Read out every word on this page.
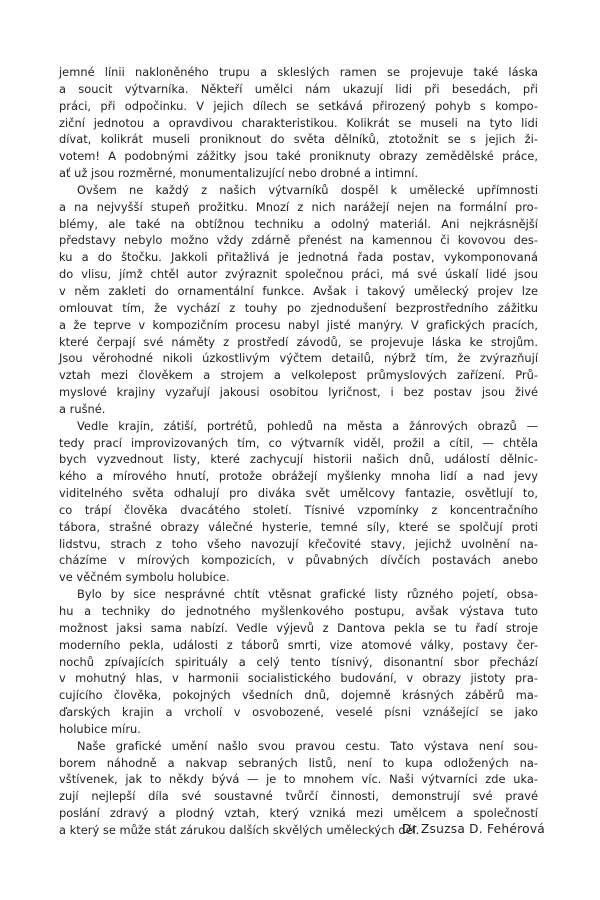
jemné línii nakloněného trupu a skleslých ramen se projevuje také láska
a soucit výtvarníka. Někteří umělci nám ukazují lidi při besedách, při
práci, při odpočinku. V jejich dílech se setkává přirozený pohyb s kompo-
ziční jednotou a opravdivou charakteristikou. Kolikrát se museli na tyto lidi
dívat, kolikrát museli proniknout do světa dělníků, ztotožnit se s jejich ži-
votem! A podobnými zážitky jsou také proniknuty obrazy zemědělské práce,
ať už jsou rozměrné, monumentalizující nebo drobné a intimní.
Ovšem ne každý z našich výtvarníků dospěl k umělecké upřímnosti
a na nejvyšší stupeň prožitku. Mnozí z nich narážejí nejen na formální pro-
blémy, ale také na obtížnou techniku a odolný materiál. Ani nejkrásnější
představy nebylo možno vždy zdárně přenést na kamennou či kovovou des-
ku a do štočku. Jakkoli přitažlivá je jednotná řada postav, vykomponovaná
do vlisu, jímž chtěl autor zvýraznit společnou práci, má své úskalí lidé jsou
v něm zakleti do ornamentální funkce. Avšak i takový umělecký projev lze
omlouvat tím, že vychází z touhy po zjednodušení bezprostředního zážitku
a že teprve v kompozičním procesu nabyl jisté manýry. V grafických pracích,
které čerpají své náměty z prostředí závodů, se projevuje láska ke strojům.
Jsou věrohodné nikoli úzkostlivým výčtem detailů, nýbrž tím, že zvýrazňují
vztah mezi člověkem a strojem a velkolepost průmyslových zařízení. Prů-
myslové krajiny vyzařují jakousi osobitou lyričnost, i bez postav jsou živé
a rušné.
Vedle krajin, zátiší, portrétů, pohledů na města a žánrových obrazů —
tedy prací improvizovaných tím, co výtvarník viděl, prožil a cítil, — chtěla
bych vyzvednout listy, které zachycují historii našich dnů, událostí dělnic-
kého a mírového hnutí, protože obrážejí myšlenky mnoha lidí a nad jevy
viditelného světa odhalují pro diváka svět umělcovy fantazie, osvětlují to,
co trápí člověka dvacátého století. Tísnivé vzpomínky z koncentračního
tábora, strašné obrazy válečné hysterie, temné síly, které se spolčují proti
lidstvu, strach z toho všeho navozují křečovité stavy, jejichž uvolnění na-
cházíme v mírových kompozicích, v půvabných dívčích postavách anebo
ve věčném symbolu holubice.
Bylo by sice nesprávné chtít vtěsnat grafické listy různého pojetí, obsa-
hu a techniky do jednotného myšlenkového postupu, avšak výstava tuto
možnost jaksi sama nabízí. Vedle výjevů z Dantova pekla se tu řadí stroje
moderního pekla, události z táborů smrti, vize atomové války, postavy čer-
nochů zpívajících spirituály a celý tento tísnivý, disonantní sbor přechází
v mohutný hlas, v harmonii socialistického budování, v obrazy jistoty pra-
cujícího člověka, pokojných všedních dnů, dojemně krásných záběrů ma-
ďarských krajin a vrcholí v osvobozené, veselé písni vznášející se jako
holubice míru.
Naše grafické umění našlo svou pravou cestu. Tato výstava není sou-
borem náhodně a nakvap sebraných listů, není to kupa odložených na-
vštívenek, jak to někdy bývá — je to mnohem víc. Naši výtvarníci zde uka-
zují nejlepší díla své soustavné tvůrčí činnosti, demonstrují své pravé
poslání zdravý a plodný vztah, který vzniká mezi umělcem a společností
a který se může stát zárukou dalších skvělých uměleckých děl.
Dr Zsuzsa D. Fehérová
